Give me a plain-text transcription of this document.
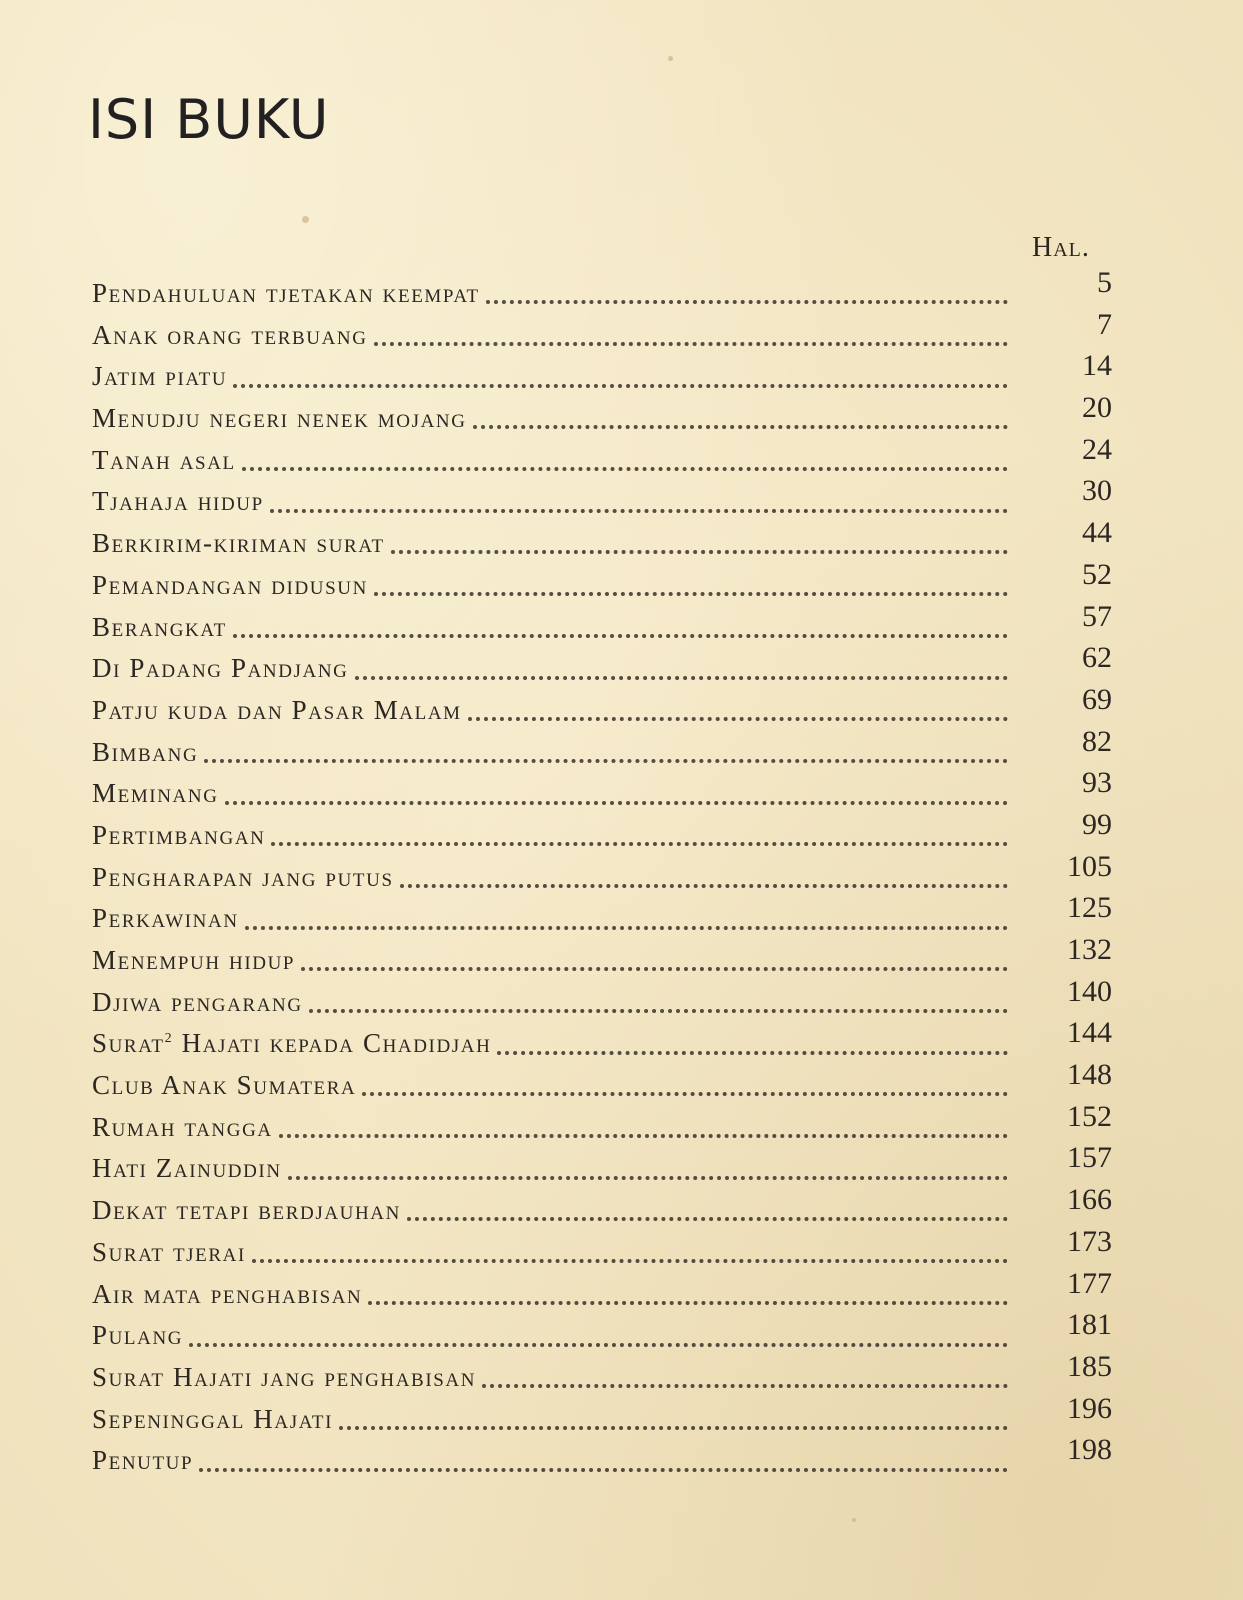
ISI BUKU
Hal.
Pendahuluan tjetakan keempat	5
Anak orang terbuang	7
Jatim piatu	14
Menudju negeri nenek mojang	20
Tanah asal	24
Tjahaja hidup	30
Berkirim-kiriman surat	44
Pemandangan didusun	52
Berangkat	57
Di Padang Pandjang	62
Patju kuda dan Pasar Malam	69
Bimbang	82
Meminang	93
Pertimbangan	99
Pengharapan jang putus	105
Perkawinan	125
Menempuh hidup	132
Djiwa pengarang	140
Surat$^2$ Hajati kepada Chadidjah	144
Club Anak Sumatera	148
Rumah tangga	152
Hati Zainuddin	157
Dekat tetapi berdjauhan	166
Surat tjerai	173
Air mata penghabisan	177
Pulang	181
Surat Hajati jang penghabisan	185
Sepeninggal Hajati	196
Penutup	198
